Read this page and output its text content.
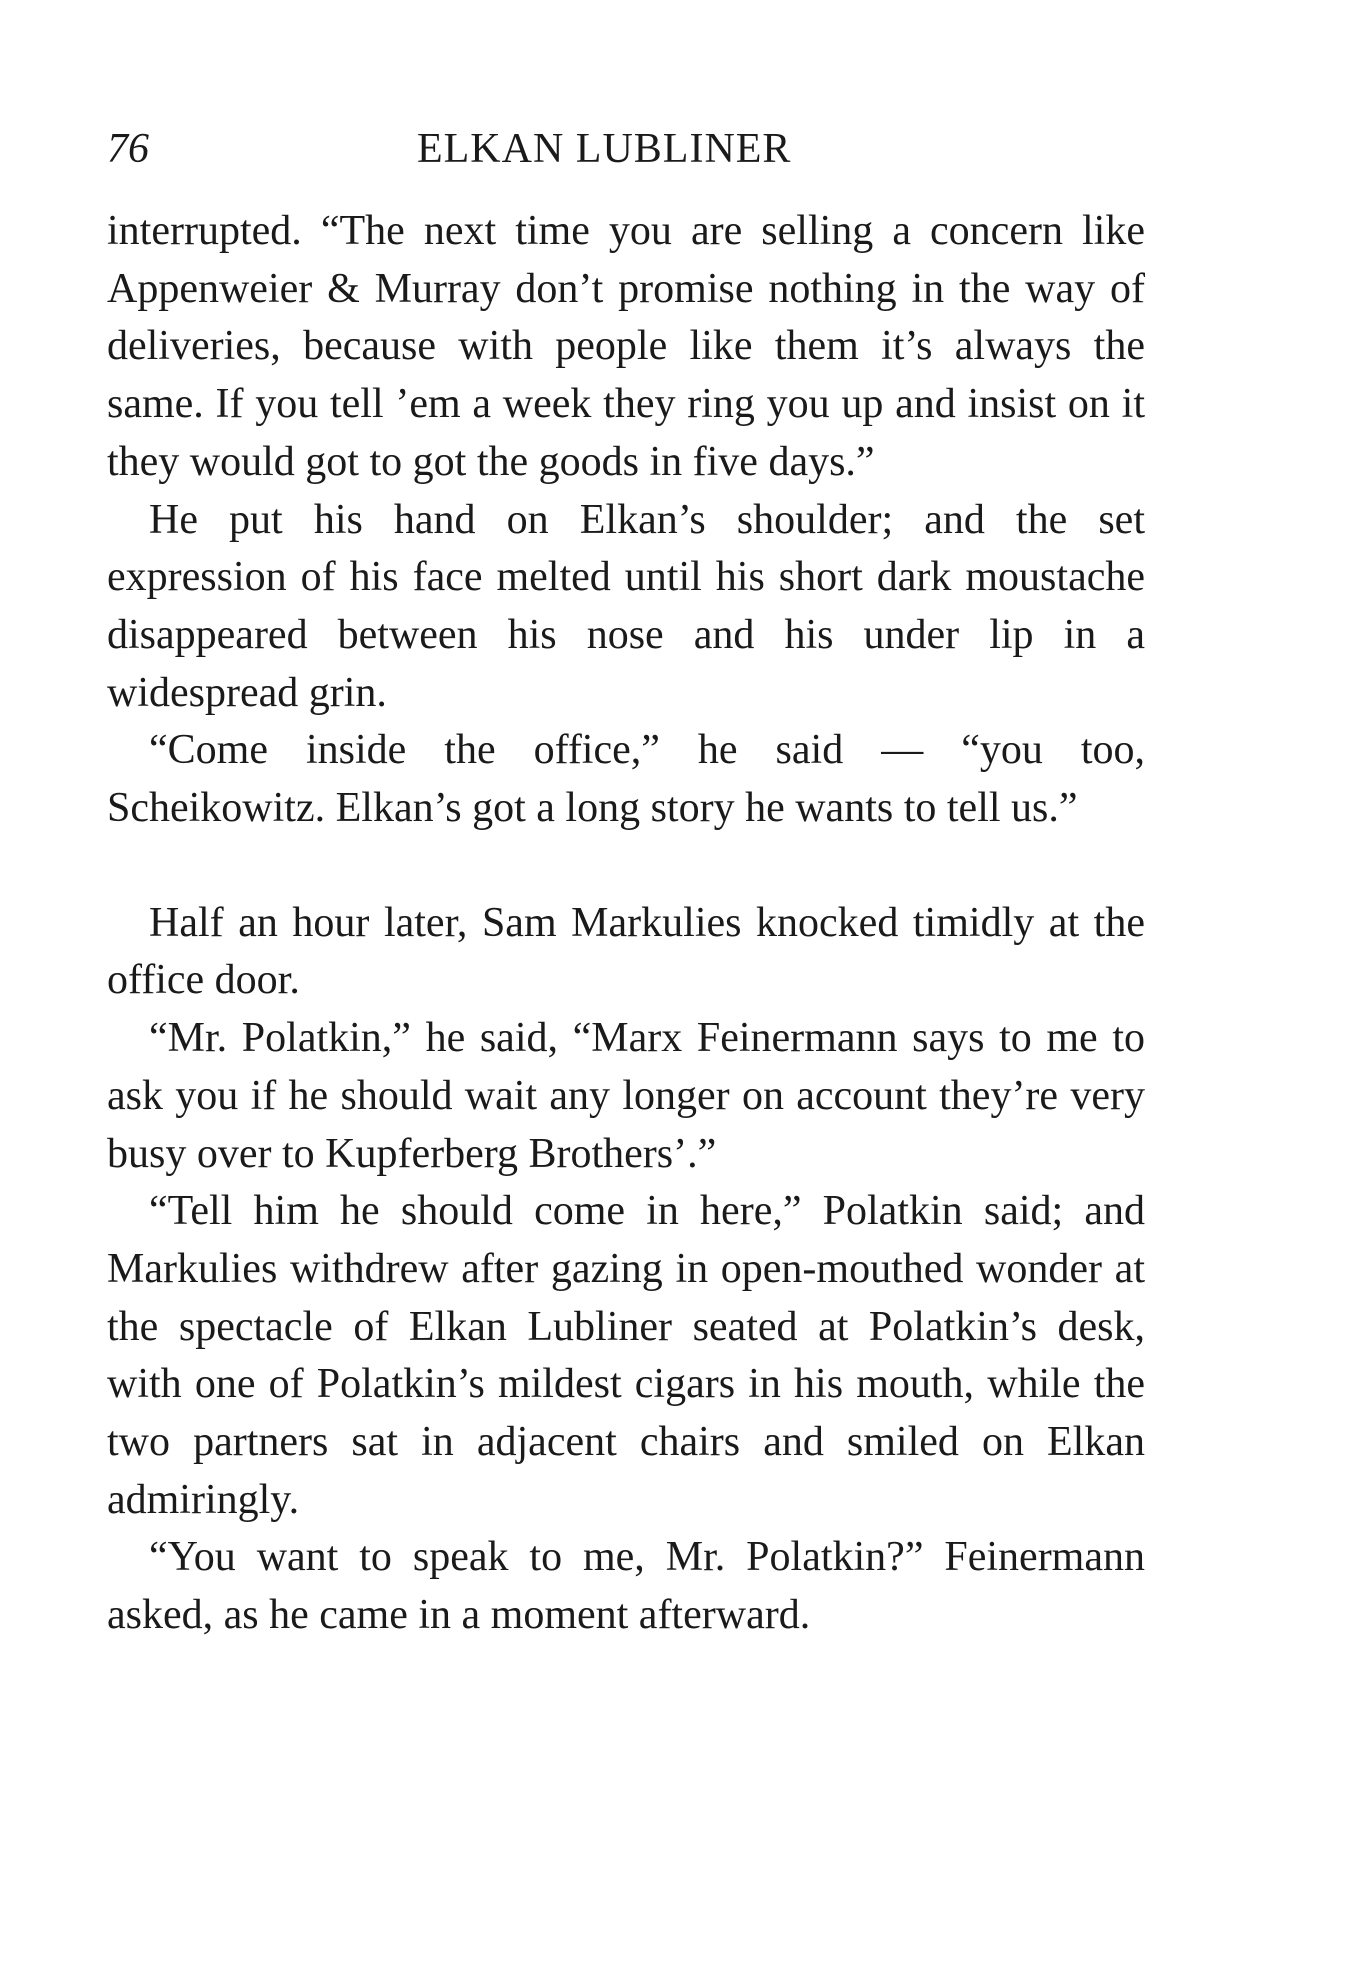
76	ELKAN LUBLINER

interrupted. “The next time you are selling a concern like Appenweier & Murray don’t promise nothing in the way of deliveries, because with people like them it’s always the same. If you tell ’em a week they ring you up and insist on it they would got to got the goods in five days.”

He put his hand on Elkan’s shoulder; and the set expression of his face melted until his short dark moustache disappeared between his nose and his under lip in a widespread grin.

“Come inside the office,” he said — “you too, Scheikowitz. Elkan’s got a long story he wants to tell us.”

Half an hour later, Sam Markulies knocked timidly at the office door.

“Mr. Polatkin,” he said, “Marx Feinermann says to me to ask you if he should wait any longer on account they’re very busy over to Kupferberg Brothers’.”

“Tell him he should come in here,” Polatkin said; and Markulies withdrew after gazing in open-mouthed wonder at the spectacle of Elkan Lubliner seated at Polatkin’s desk, with one of Polatkin’s mildest cigars in his mouth, while the two partners sat in adjacent chairs and smiled on Elkan admiringly.

“You want to speak to me, Mr. Polatkin?” Feinermann asked, as he came in a moment afterward.
